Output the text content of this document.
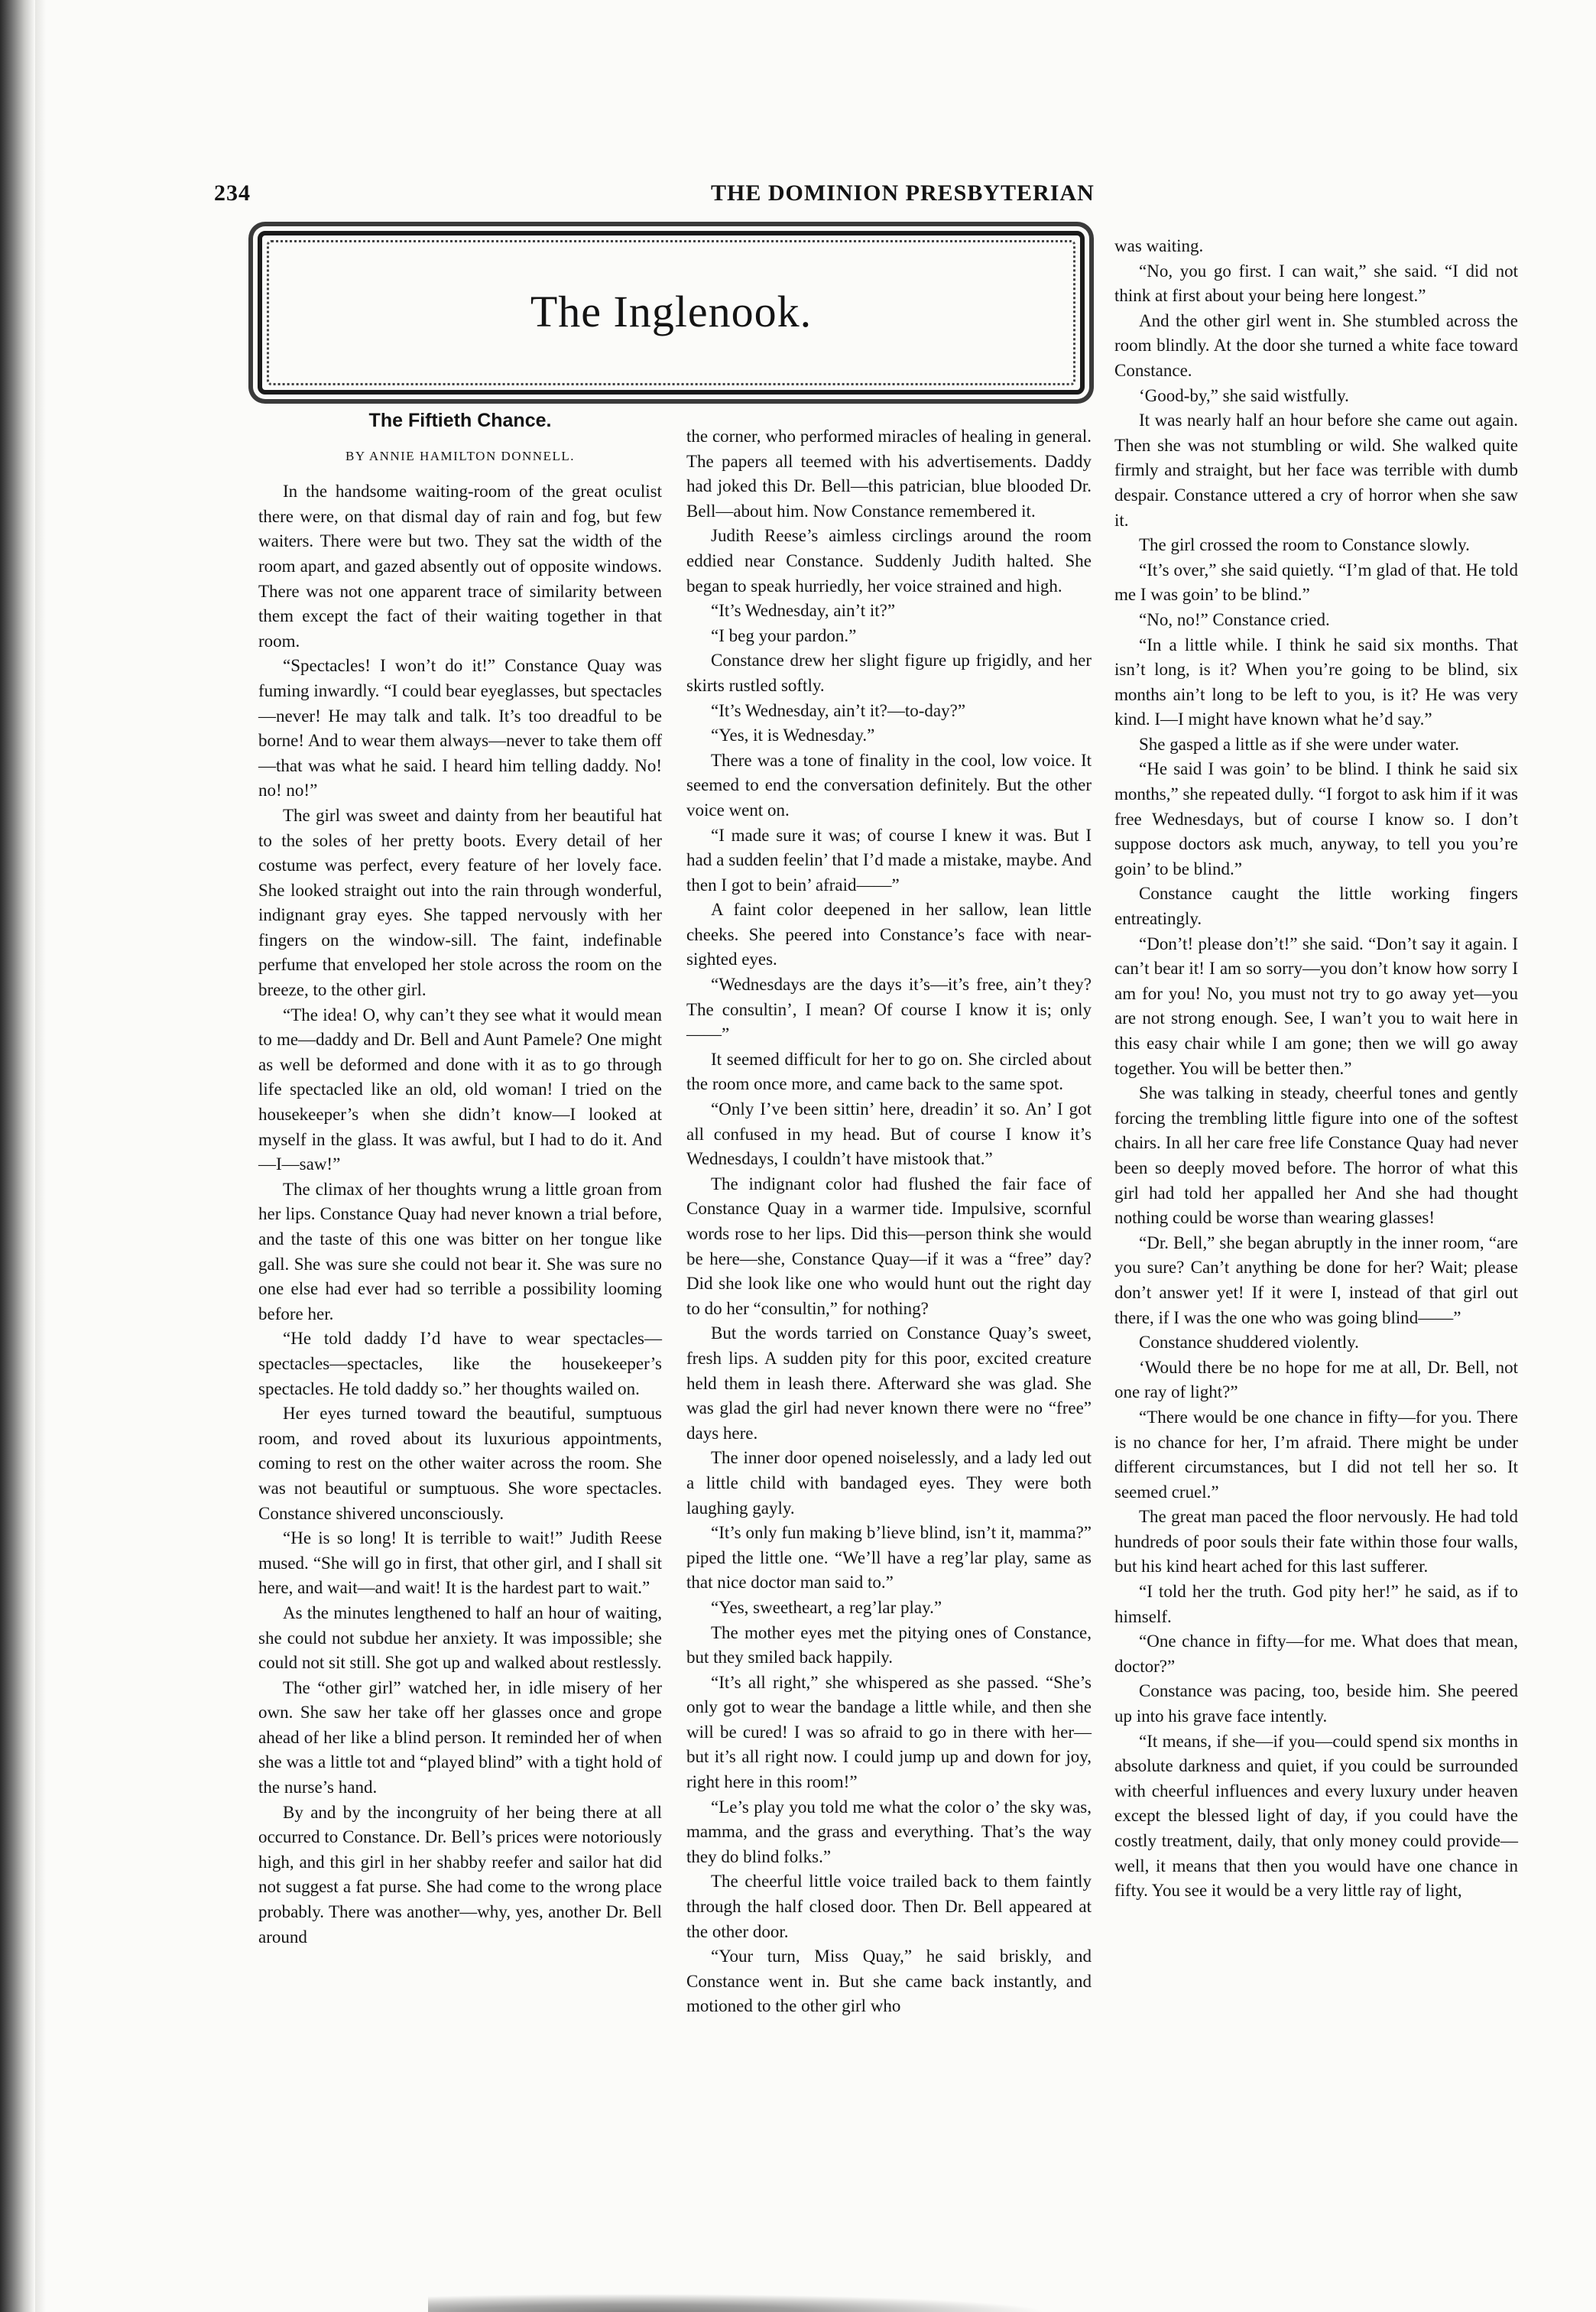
234	THE DOMINION PRESBYTERIAN
The Inglenook.
The Fiftieth Chance.
BY ANNIE HAMILTON DONNELL.

In the handsome waiting-room of the great oculist there were, on that dismal day of rain and fog, but few waiters. There were but two. They sat the width of the room apart, and gazed absently out of opposite windows. There was not one apparent trace of similarity between them except the fact of their waiting together in that room.

“Spectacles! I won’t do it!” Constance Quay was fuming inwardly. “I could bear eyeglasses, but spectacles—never! He may talk and talk. It’s too dreadful to be borne! And to wear them always—never to take them off—that was what he said. I heard him telling daddy. No! no! no!”

The girl was sweet and dainty from her beautiful hat to the soles of her pretty boots. Every detail of her costume was perfect, every feature of her lovely face. She looked straight out into the rain through wonderful, indignant gray eyes. She tapped nervously with her fingers on the window-sill. The faint, indefinable perfume that enveloped her stole across the room on the breeze, to the other girl.

“The idea! O, why can’t they see what it would mean to me—daddy and Dr. Bell and Aunt Pamele? One might as well be deformed and done with it as to go through life spectacled like an old, old woman! I tried on the housekeeper’s when she didn’t know—I looked at myself in the glass. It was awful, but I had to do it. And—I—saw!”

The climax of her thoughts wrung a little groan from her lips. Constance Quay had never known a trial before, and the taste of this one was bitter on her tongue like gall. She was sure she could not bear it. She was sure no one else had ever had so terrible a possibility looming before her.

“He told daddy I’d have to wear spectacles—spectacles—spectacles, like the housekeeper’s spectacles. He told daddy so.” her thoughts wailed on.

Her eyes turned toward the beautiful, sumptuous room, and roved about its luxurious appointments, coming to rest on the other waiter across the room. She was not beautiful or sumptuous. She wore spectacles. Constance shivered unconsciously.

“He is so long! It is terrible to wait!” Judith Reese mused. “She will go in first, that other girl, and I shall sit here, and wait—and wait! It is the hardest part to wait.”

As the minutes lengthened to half an hour of waiting, she could not subdue her anxiety. It was impossible; she could not sit still. She got up and walked about restlessly.

The “other girl” watched her, in idle misery of her own. She saw her take off her glasses once and grope ahead of her like a blind person. It reminded her of when she was a little tot and “played blind” with a tight hold of the nurse’s hand.

By and by the incongruity of her being there at all occurred to Constance. Dr. Bell’s prices were notoriously high, and this girl in her shabby reefer and sailor hat did not suggest a fat purse. She had come to the wrong place probably. There was another—why, yes, another Dr. Bell around

the corner, who performed miracles of healing in general. The papers all teemed with his advertisements. Daddy had joked this Dr. Bell—this patrician, blue blooded Dr. Bell—about him. Now Constance remembered it.

Judith Reese’s aimless circlings around the room eddied near Constance. Suddenly Judith halted. She began to speak hurriedly, her voice strained and high.

“It’s Wednesday, ain’t it?”

“I beg your pardon.”

Constance drew her slight figure up frigidly, and her skirts rustled softly.

“It’s Wednesday, ain’t it?—to-day?”

“Yes, it is Wednesday.”

There was a tone of finality in the cool, low voice. It seemed to end the conversation definitely. But the other voice went on.

“I made sure it was; of course I knew it was. But I had a sudden feelin’ that I’d made a mistake, maybe. And then I got to bein’ afraid——”

A faint color deepened in her sallow, lean little cheeks. She peered into Constance’s face with near-sighted eyes.

“Wednesdays are the days it’s—it’s free, ain’t they? The consultin’, I mean? Of course I know it is; only——”

It seemed difficult for her to go on. She circled about the room once more, and came back to the same spot.

“Only I’ve been sittin’ here, dreadin’ it so. An’ I got all confused in my head. But of course I know it’s Wednesdays, I couldn’t have mistook that.”

The indignant color had flushed the fair face of Constance Quay in a warmer tide. Impulsive, scornful words rose to her lips. Did this—person think she would be here—she, Constance Quay—if it was a “free” day? Did she look like one who would hunt out the right day to do her “consultin,” for nothing?

But the words tarried on Constance Quay’s sweet, fresh lips. A sudden pity for this poor, excited creature held them in leash there. Afterward she was glad. She was glad the girl had never known there were no “free” days here.

The inner door opened noiselessly, and a lady led out a little child with bandaged eyes. They were both laughing gayly.

“It’s only fun making b’lieve blind, isn’t it, mamma?” piped the little one. “We’ll have a reg’lar play, same as that nice doctor man said to.”

“Yes, sweetheart, a reg’lar play.”

The mother eyes met the pitying ones of Constance, but they smiled back happily.

“It’s all right,” she whispered as she passed. “She’s only got to wear the bandage a little while, and then she will be cured! I was so afraid to go in there with her—but it’s all right now. I could jump up and down for joy, right here in this room!”

“Le’s play you told me what the color o’ the sky was, mamma, and the grass and everything. That’s the way they do blind folks.”

The cheerful little voice trailed back to them faintly through the half closed door. Then Dr. Bell appeared at the other door.

“Your turn, Miss Quay,” he said briskly, and Constance went in. But she came back instantly, and motioned to the other girl who

was waiting.

“No, you go first. I can wait,” she said. “I did not think at first about your being here longest.”

And the other girl went in. She stumbled across the room blindly. At the door she turned a white face toward Constance.

‘Good-by,” she said wistfully.

It was nearly half an hour before she came out again. Then she was not stumbling or wild. She walked quite firmly and straight, but her face was terrible with dumb despair. Constance uttered a cry of horror when she saw it.

The girl crossed the room to Constance slowly.

“It’s over,” she said quietly. “I’m glad of that. He told me I was goin’ to be blind.”

“No, no!” Constance cried.

“In a little while. I think he said six months. That isn’t long, is it? When you’re going to be blind, six months ain’t long to be left to you, is it? He was very kind. I—I might have known what he’d say.”

She gasped a little as if she were under water.

“He said I was goin’ to be blind. I think he said six months,” she repeated dully. “I forgot to ask him if it was free Wednesdays, but of course I know so. I don’t suppose doctors ask much, anyway, to tell you you’re goin’ to be blind.”

Constance caught the little working fingers entreatingly.

“Don’t! please don’t!” she said. “Don’t say it again. I can’t bear it! I am so sorry—you don’t know how sorry I am for you! No, you must not try to go away yet—you are not strong enough. See, I wan’t you to wait here in this easy chair while I am gone; then we will go away together. You will be better then.”

She was talking in steady, cheerful tones and gently forcing the trembling little figure into one of the softest chairs. In all her care free life Constance Quay had never been so deeply moved before. The horror of what this girl had told her appalled her And she had thought nothing could be worse than wearing glasses!

“Dr. Bell,” she began abruptly in the inner room, “are you sure? Can’t anything be done for her? Wait; please don’t answer yet! If it were I, instead of that girl out there, if I was the one who was going blind——”

Constance shuddered violently.

‘Would there be no hope for me at all, Dr. Bell, not one ray of light?”

“There would be one chance in fifty—for you. There is no chance for her, I’m afraid. There might be under different circumstances, but I did not tell her so. It seemed cruel.”

The great man paced the floor nervously. He had told hundreds of poor souls their fate within those four walls, but his kind heart ached for this last sufferer.

“I told her the truth. God pity her!” he said, as if to himself.

“One chance in fifty—for me. What does that mean, doctor?”

Constance was pacing, too, beside him. She peered up into his grave face intently.

“It means, if she—if you—could spend six months in absolute darkness and quiet, if you could be surrounded with cheerful influences and every luxury under heaven except the blessed light of day, if you could have the costly treatment, daily, that only money could provide—well, it means that then you would have one chance in fifty. You see it would be a very little ray of light,
